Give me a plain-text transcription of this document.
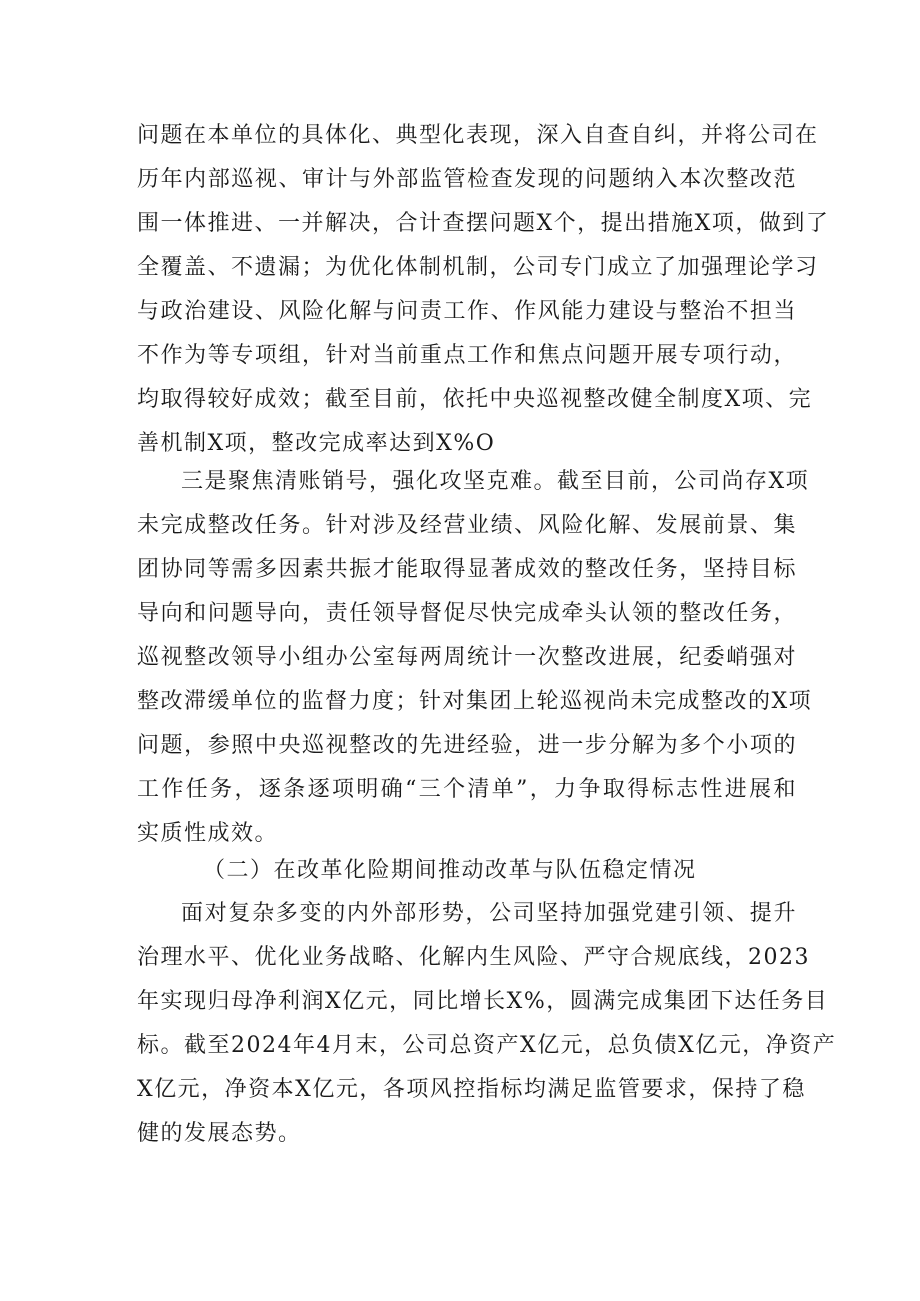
问题在本单位的具体化、典型化表现，深入自查自纠，并将公司在
历年内部巡视、审计与外部监管检查发现的问题纳入本次整改范
围一体推进、一并解决，合计查摆问题X个，提出措施X项，做到了
全覆盖、不遗漏；为优化体制机制，公司专门成立了加强理论学习
与政治建设、风险化解与问责工作、作风能力建设与整治不担当
不作为等专项组，针对当前重点工作和焦点问题开展专项行动，
均取得较好成效；截至目前，依托中央巡视整改健全制度X项、完
善机制X项，整改完成率达到X%O
三是聚焦清账销号，强化攻坚克难。截至目前，公司尚存X项
未完成整改任务。针对涉及经营业绩、风险化解、发展前景、集
团协同等需多因素共振才能取得显著成效的整改任务，坚持目标
导向和问题导向，责任领导督促尽快完成牵头认领的整改任务，
巡视整改领导小组办公室每两周统计一次整改进展，纪委峭强对
整改滞缓单位的监督力度；针对集团上轮巡视尚未完成整改的X项
问题，参照中央巡视整改的先进经验，进一步分解为多个小项的
工作任务，逐条逐项明确“三个清单”，力争取得标志性进展和
实质性成效。
（二）在改革化险期间推动改革与队伍稳定情况
面对复杂多变的内外部形势，公司坚持加强党建引领、提升
治理水平、优化业务战略、化解内生风险、严守合规底线，2023
年实现归母净利润X亿元，同比增长X%，圆满完成集团下达任务目
标。截至2024年4月末，公司总资产X亿元，总负债X亿元，净资产
X亿元，净资本X亿元，各项风控指标均满足监管要求，保持了稳
健的发展态势。
